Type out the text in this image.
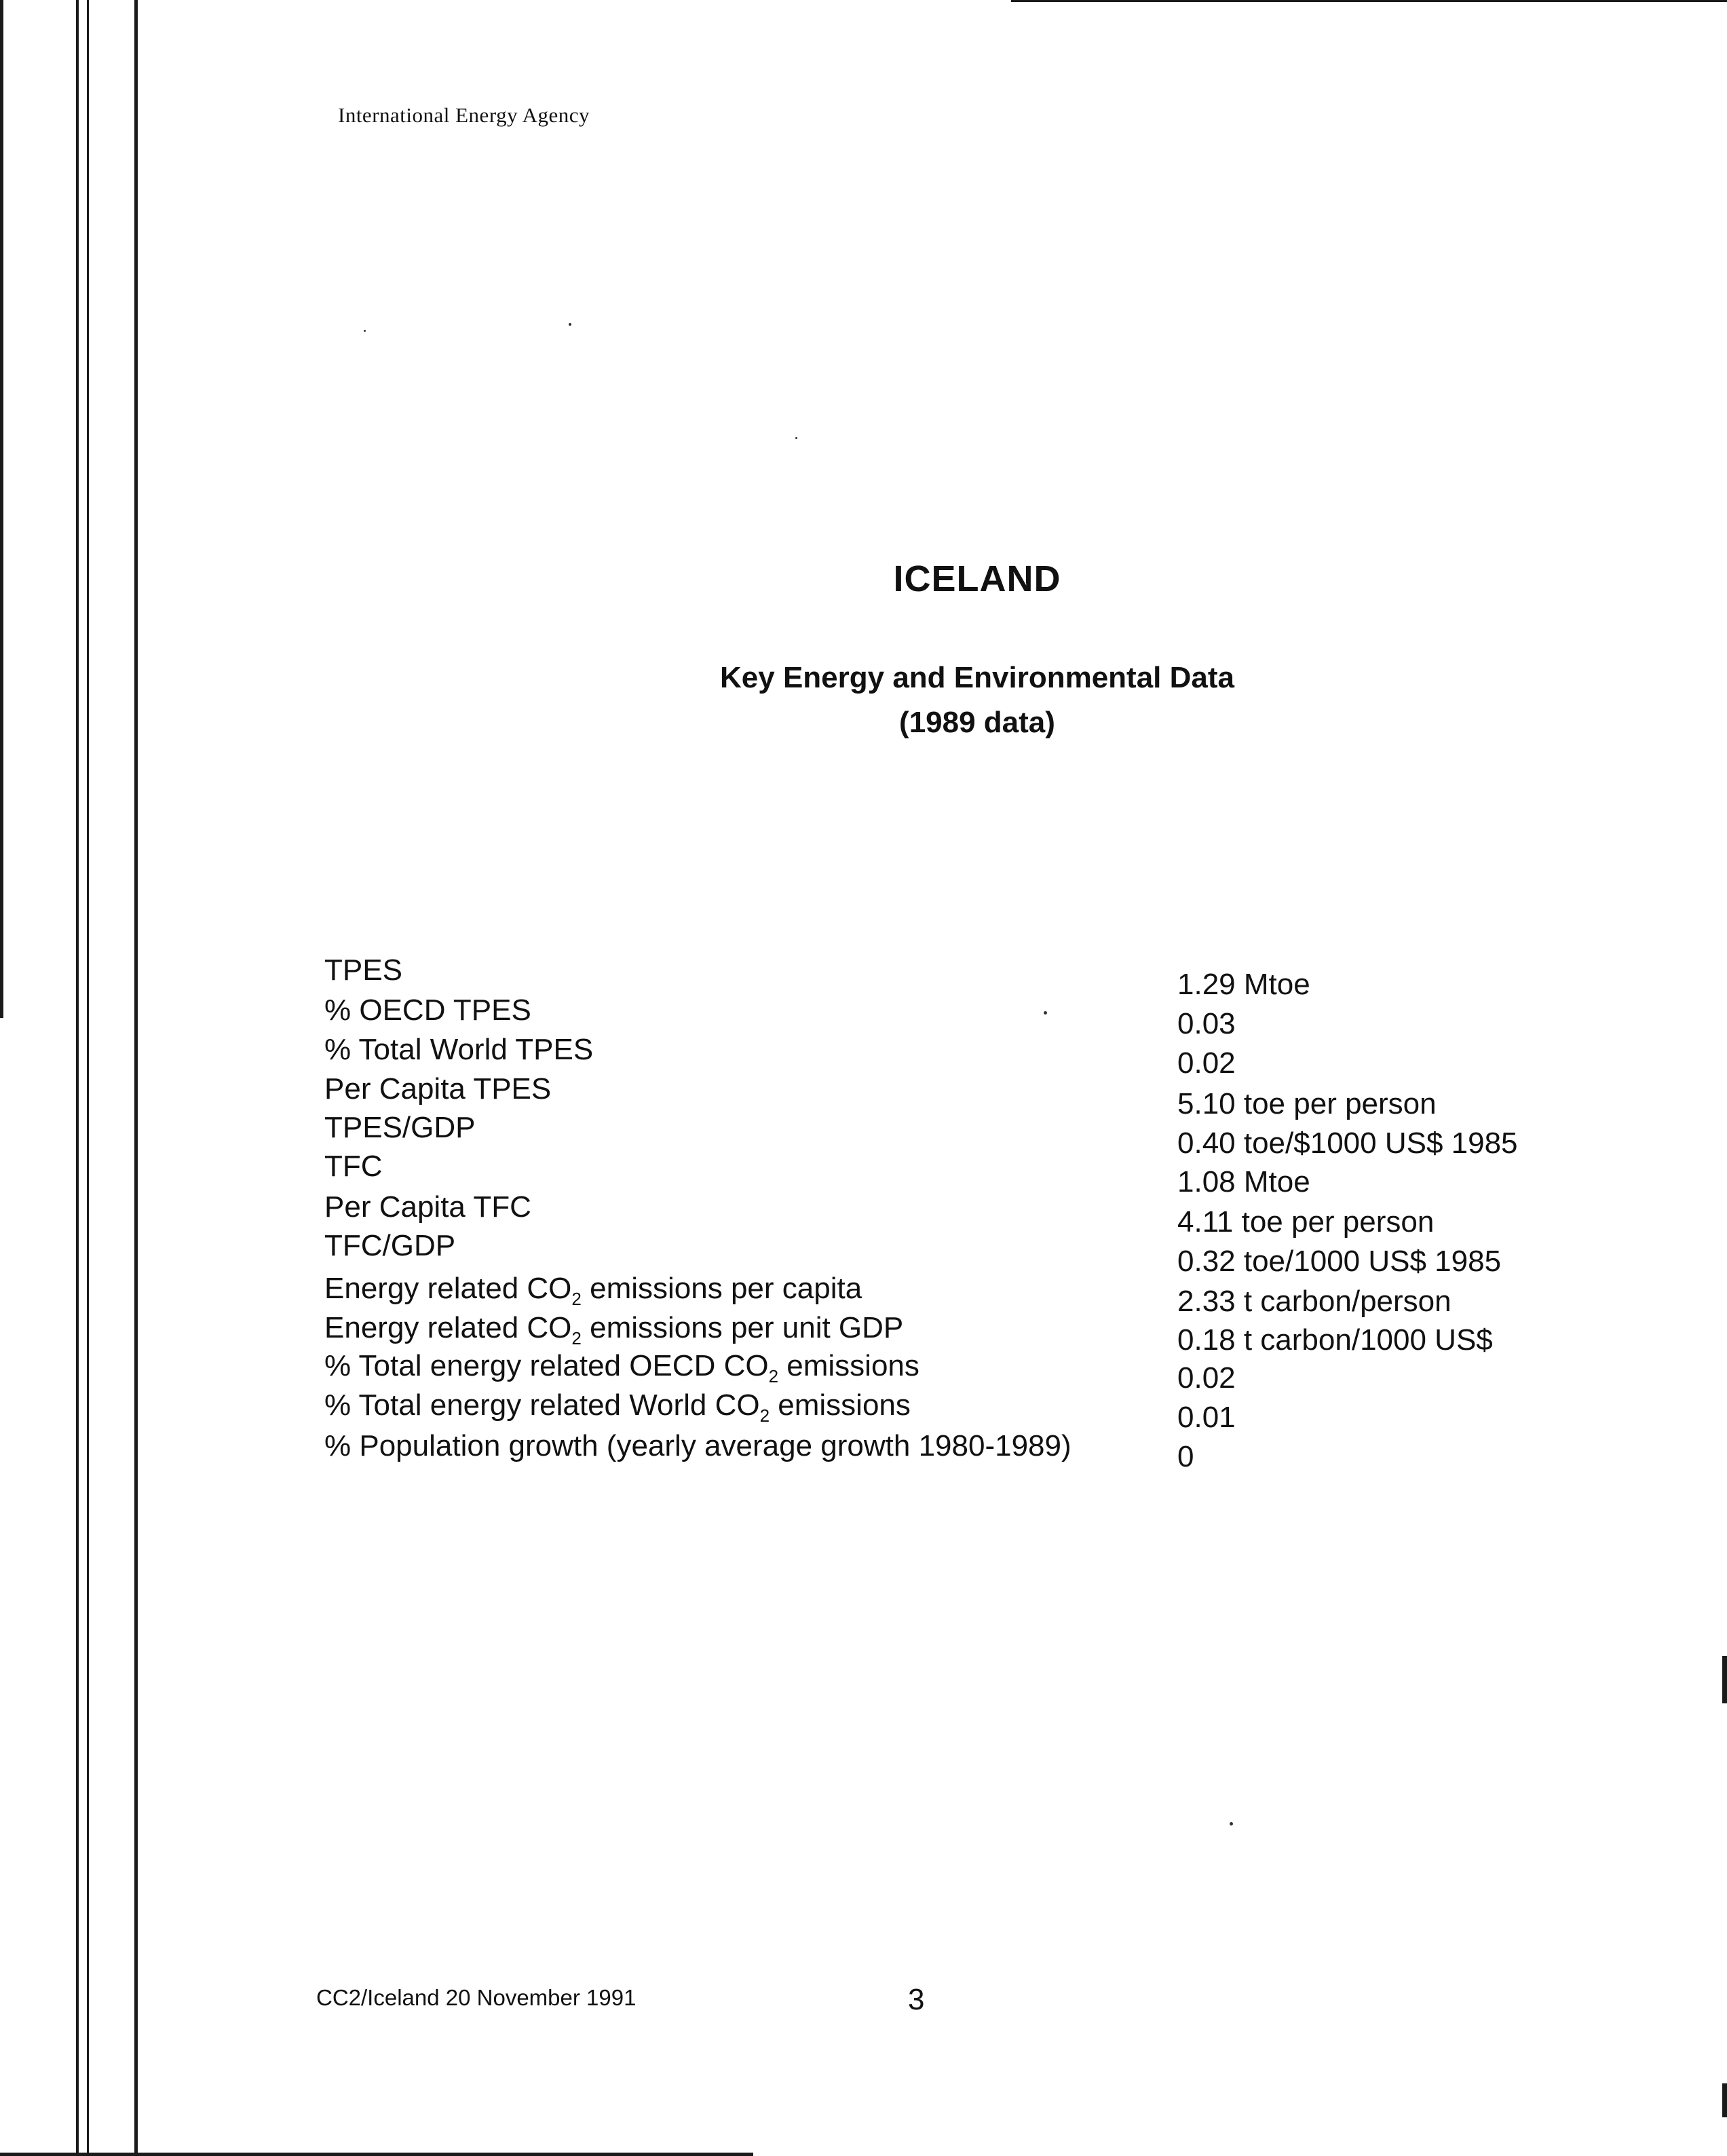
International Energy Agency
ICELAND
Key Energy and Environmental Data
(1989 data)
TPES	1.29 Mtoe
% OECD TPES	0.03
% Total World TPES	0.02
Per Capita TPES	5.10 toe per person
TPES/GDP	0.40 toe/$1000 US$ 1985
TFC	1.08 Mtoe
Per Capita TFC	4.11 toe per person
TFC/GDP	0.32 toe/1000 US$ 1985
Energy related $CO_2$ emissions per capita	2.33 t carbon/person
Energy related $CO_2$ emissions per unit GDP	0.18 t carbon/1000 US$
% Total energy related OECD $CO_2$ emissions	0.02
% Total energy related World $CO_2$ emissions	0.01
% Population growth (yearly average growth 1980-1989)	0
CC2/Iceland 20 November 1991	3
